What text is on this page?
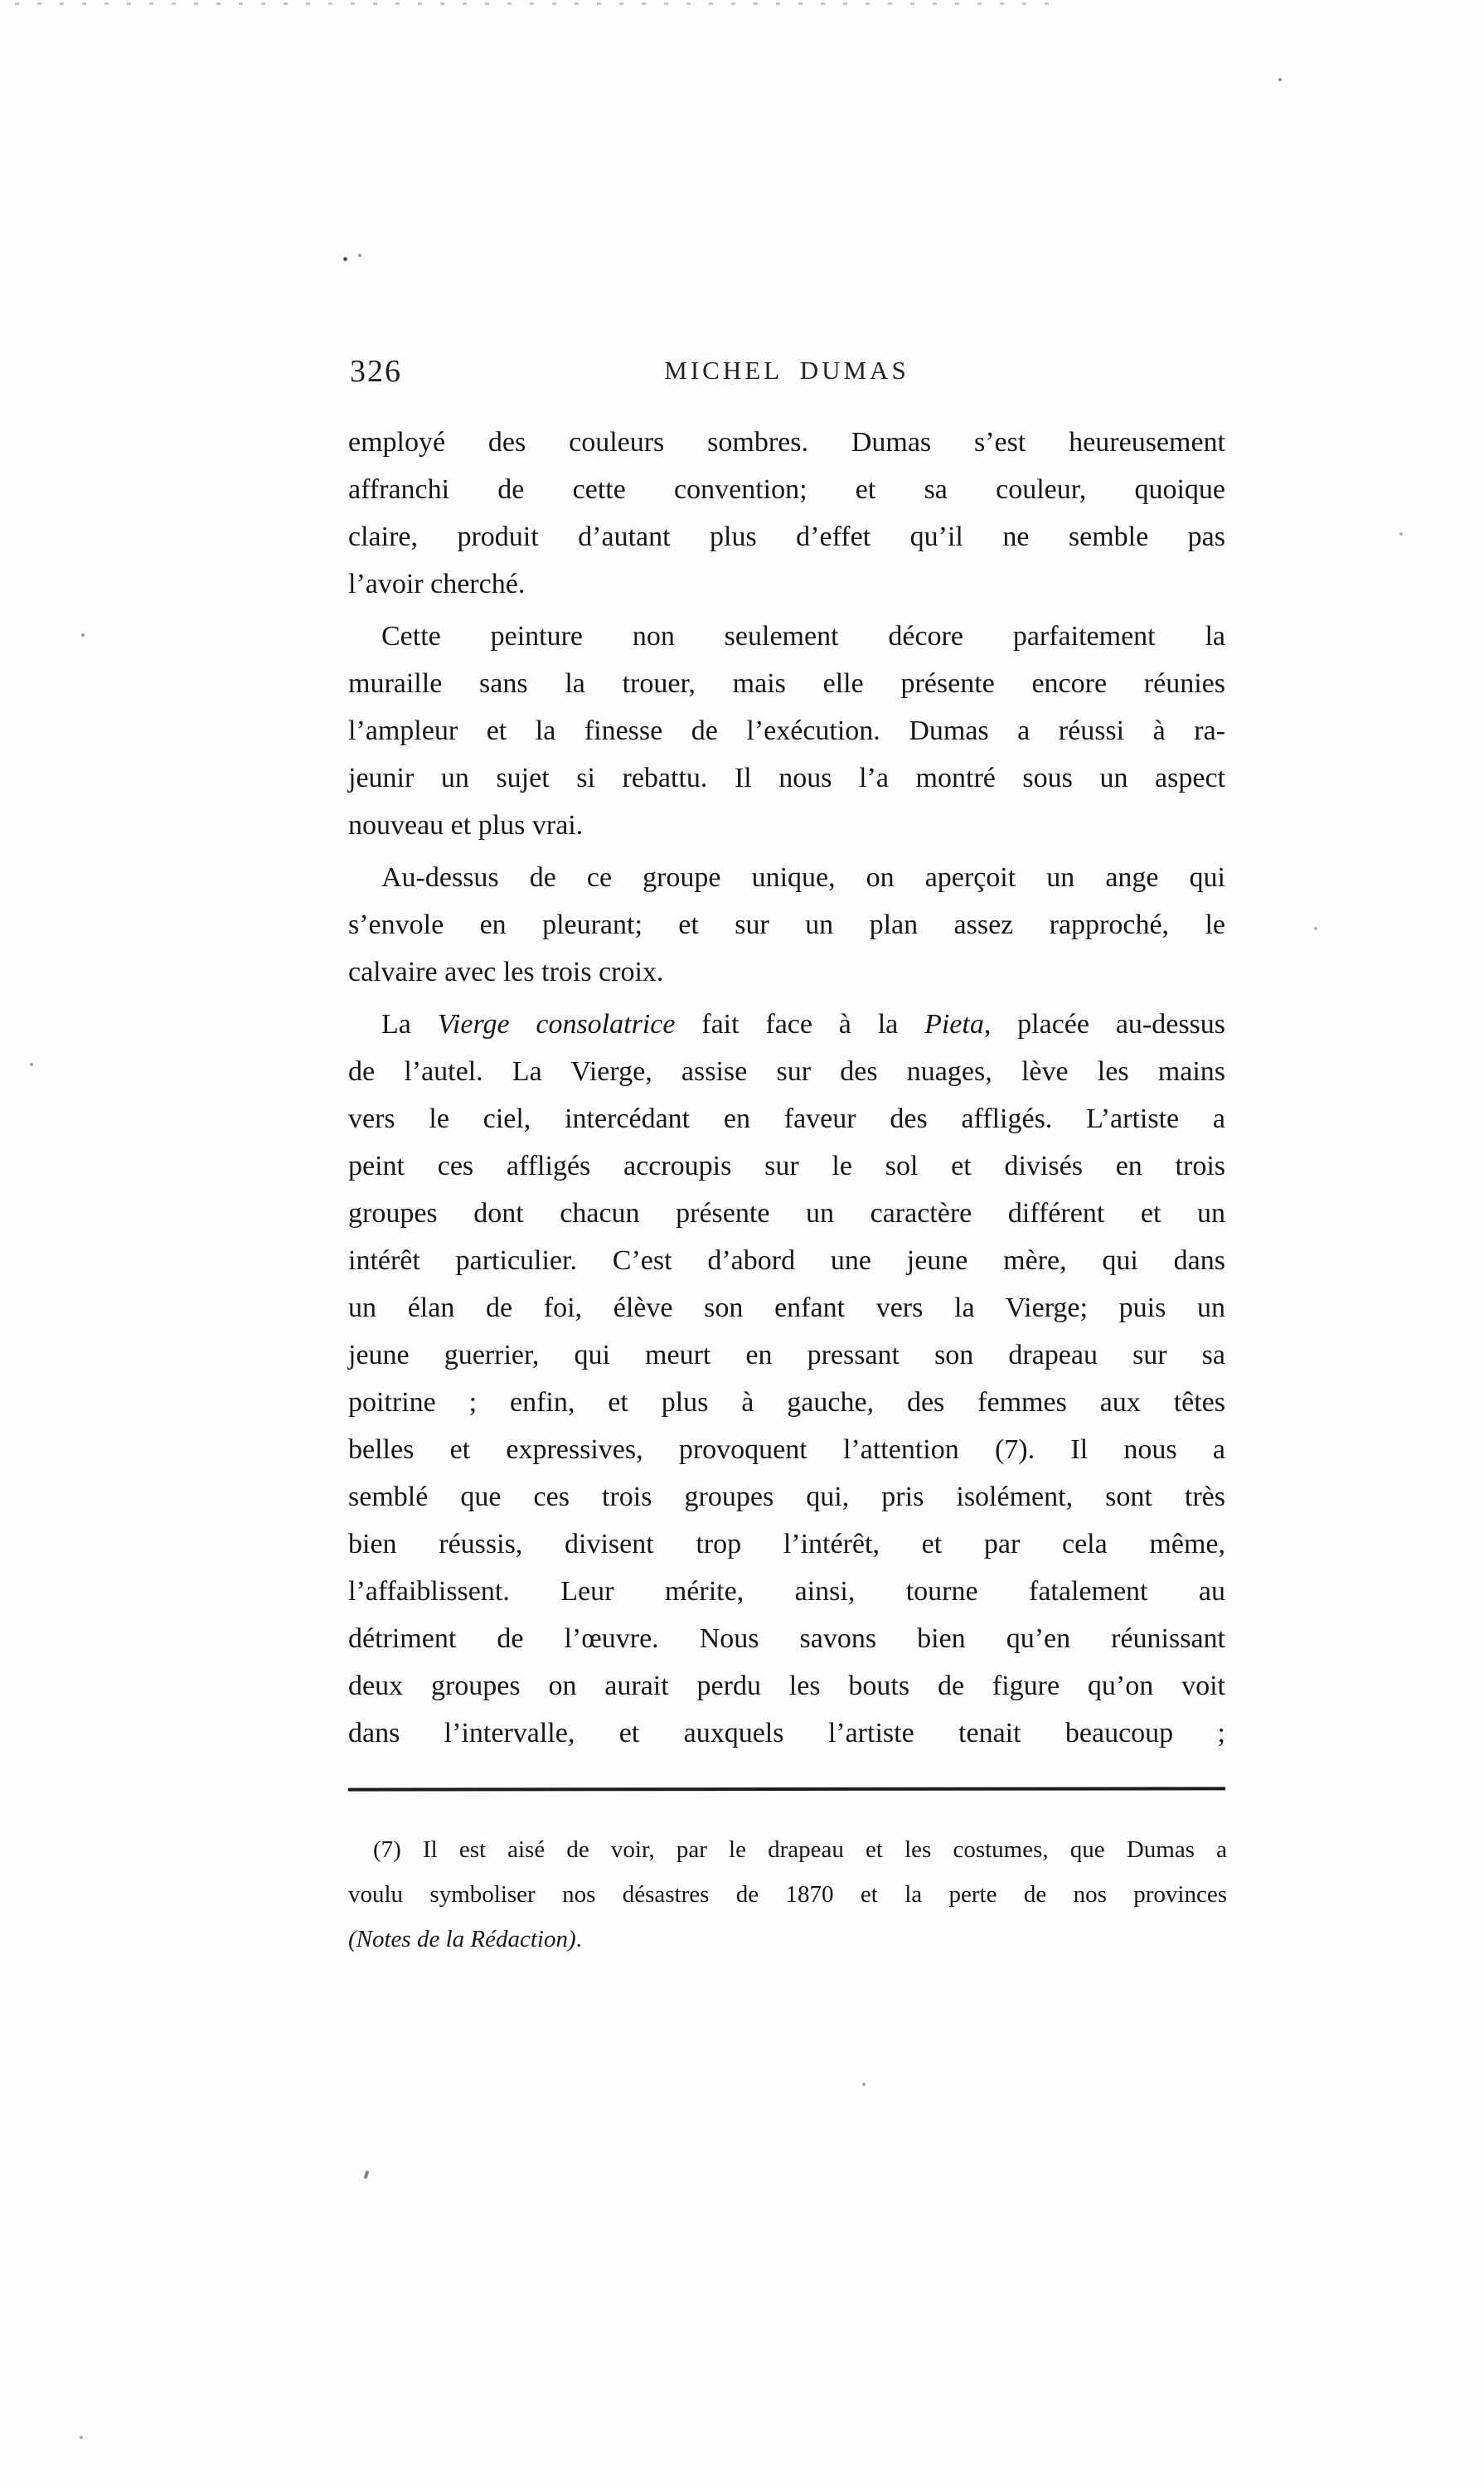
326	MICHEL DUMAS
employé des couleurs sombres. Dumas s’est heureusement
affranchi de cette convention; et sa couleur, quoique
claire, produit d’autant plus d’effet qu’il ne semble pas
l’avoir cherché.
Cette peinture non seulement décore parfaitement la
muraille sans la trouer, mais elle présente encore réunies
l’ampleur et la finesse de l’exécution. Dumas a réussi à ra-
jeunir un sujet si rebattu. Il nous l’a montré sous un aspect
nouveau et plus vrai.
Au-dessus de ce groupe unique, on aperçoit un ange qui
s’envole en pleurant; et sur un plan assez rapproché, le
calvaire avec les trois croix.
La Vierge consolatrice fait face à la Pieta, placée au-dessus
de l’autel. La Vierge, assise sur des nuages, lève les mains
vers le ciel, intercédant en faveur des affligés. L’artiste a
peint ces affligés accroupis sur le sol et divisés en trois
groupes dont chacun présente un caractère différent et un
intérêt particulier. C’est d’abord une jeune mère, qui dans
un élan de foi, élève son enfant vers la Vierge; puis un
jeune guerrier, qui meurt en pressant son drapeau sur sa
poitrine ; enfin, et plus à gauche, des femmes aux têtes
belles et expressives, provoquent l’attention (7). Il nous a
semblé que ces trois groupes qui, pris isolément, sont très
bien réussis, divisent trop l’intérêt, et par cela même,
l’affaiblissent. Leur mérite, ainsi, tourne fatalement au
détriment de l’œuvre. Nous savons bien qu’en réunissant
deux groupes on aurait perdu les bouts de figure qu’on voit
dans l’intervalle, et auxquels l’artiste tenait beaucoup ;
(7) Il est aisé de voir, par le drapeau et les costumes, que Dumas a
voulu symboliser nos désastres de 1870 et la perte de nos provinces
(Notes de la Rédaction).
